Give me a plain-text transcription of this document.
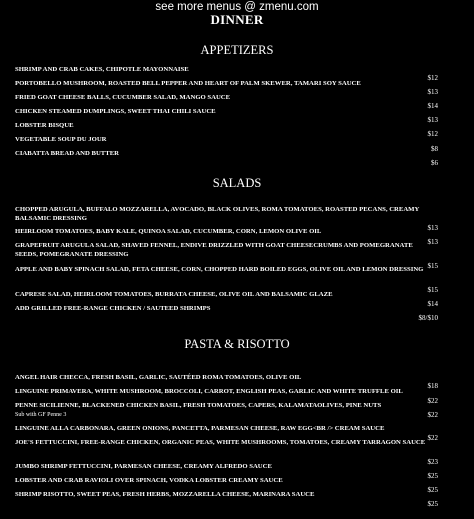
see more menus @ zmenu.com
DINNER
APPETIZERS
SALADS
PASTA & RISOTTO
SHRIMP AND CRAB CAKES, CHIPOTLE MAYONNAISE
PORTOBELLO MUSHROOM, ROASTED BELL PEPPER AND HEART OF PALM SKEWER, TAMARI SOY SAUCE
FRIED GOAT CHEESE BALLS, CUCUMBER SALAD, MANGO SAUCE
CHICKEN STEAMED DUMPLINGS, SWEET THAI CHILI SAUCE
LOBSTER BISQUE
VEGETABLE SOUP DU JOUR
CIABATTA BREAD AND BUTTER
CHOPPED ARUGULA, BUFFALO MOZZARELLA, AVOCADO, BLACK OLIVES, ROMA TOMATOES, ROASTED PECANS, CREAMY BALSAMIC DRESSING
HEIRLOOM TOMATOES, BABY KALE, QUINOA SALAD, CUCUMBER, CORN, LEMON OLIVE OIL
GRAPEFRUIT ARUGULA SALAD, SHAVED FENNEL, ENDIVE DRIZZLED WITH GOAT CHEESECRUMBS AND POMEGRANATE SEEDS, POMEGRANATE DRESSING
APPLE AND BABY SPINACH SALAD, FETA CHEESE, CORN, CHOPPED HARD BOILED EGGS, OLIVE OIL AND LEMON DRESSING
CAPRESE SALAD, HEIRLOOM TOMATOES, BURRATA CHEESE, OLIVE OIL AND BALSAMIC GLAZE
ADD GRILLED FREE-RANGE CHICKEN / SAUTEED SHRIMPS
ANGEL HAIR CHECCA, FRESH BASIL, GARLIC, SAUTÉED ROMA TOMATOES, OLIVE OIL
LINGUINE PRIMAVERA, WHITE MUSHROOM, BROCCOLI, CARROT, ENGLISH PEAS, GARLIC AND WHITE TRUFFLE OIL
PENNE SICILIENNE, BLACKENED CHICKEN BASIL, FRESH TOMATOES, CAPERS, KALAMATAOLIVES, PINE NUTS
Sub with GF Penne 3
LINGUINE ALLA CARBONARA, GREEN ONIONS, PANCETTA, PARMESAN CHEESE, RAW EGG<BR /> CREAM SAUCE
JOE'S FETTUCCINI, FREE-RANGE CHICKEN, ORGANIC PEAS, WHITE MUSHROOMS, TOMATOES, CREAMY TARRAGON SAUCE
JUMBO SHRIMP FETTUCCINI, PARMESAN CHEESE, CREAMY ALFREDO SAUCE
LOBSTER AND CRAB RAVIOLI OVER SPINACH, VODKA LOBSTER CREAMY SAUCE
SHRIMP RISOTTO, SWEET PEAS, FRESH HERBS, MOZZARELLA CHEESE, MARINARA SAUCE
$12
$13
$14
$13
$12
$8
$6
$13
$13
$15
$15
$14
$8/$10
$18
$22
$22
$22
$23
$25
$25
$25
